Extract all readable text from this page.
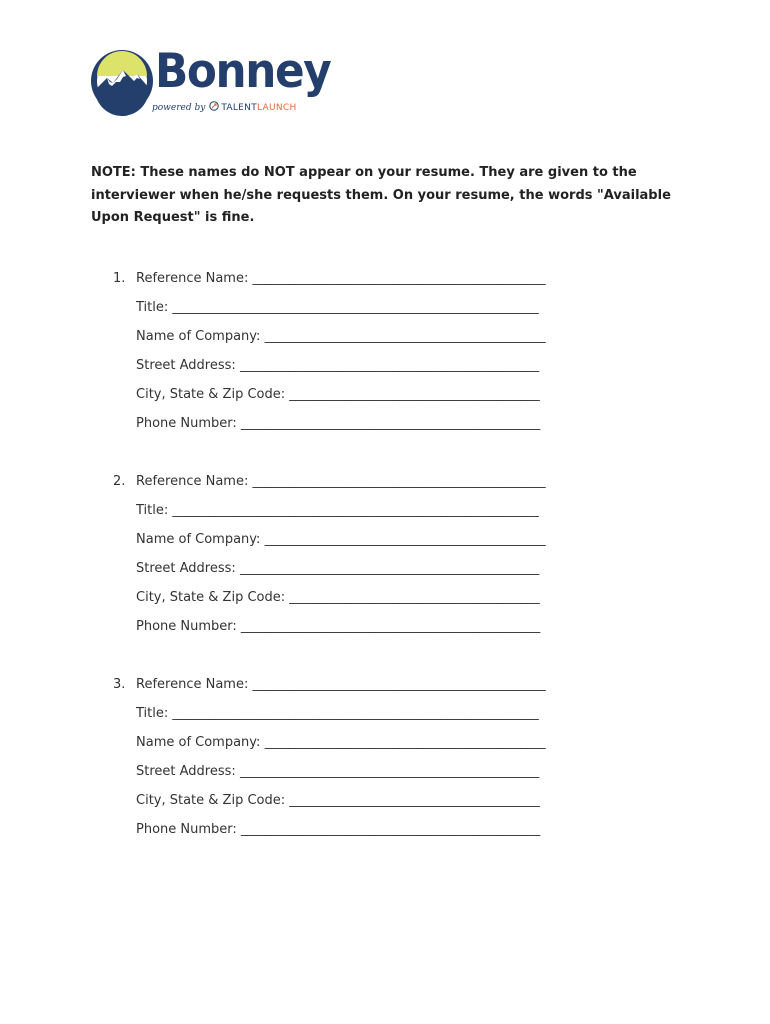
Bonney
powered by TALENTLAUNCH
NOTE: These names do NOT appear on your resume. They are given to the interviewer when he/she requests them. On your resume, the words "Available Upon Request" is fine.
1. Reference Name: ________________________________________________
Title: ____________________________________________________________
Name of Company: ______________________________________________
Street Address: _________________________________________________
City, State & Zip Code: _________________________________________
Phone Number: _________________________________________________
2. Reference Name: ________________________________________________
Title: ____________________________________________________________
Name of Company: ______________________________________________
Street Address: _________________________________________________
City, State & Zip Code: _________________________________________
Phone Number: _________________________________________________
3. Reference Name: ________________________________________________
Title: ____________________________________________________________
Name of Company: ______________________________________________
Street Address: _________________________________________________
City, State & Zip Code: _________________________________________
Phone Number: _________________________________________________
